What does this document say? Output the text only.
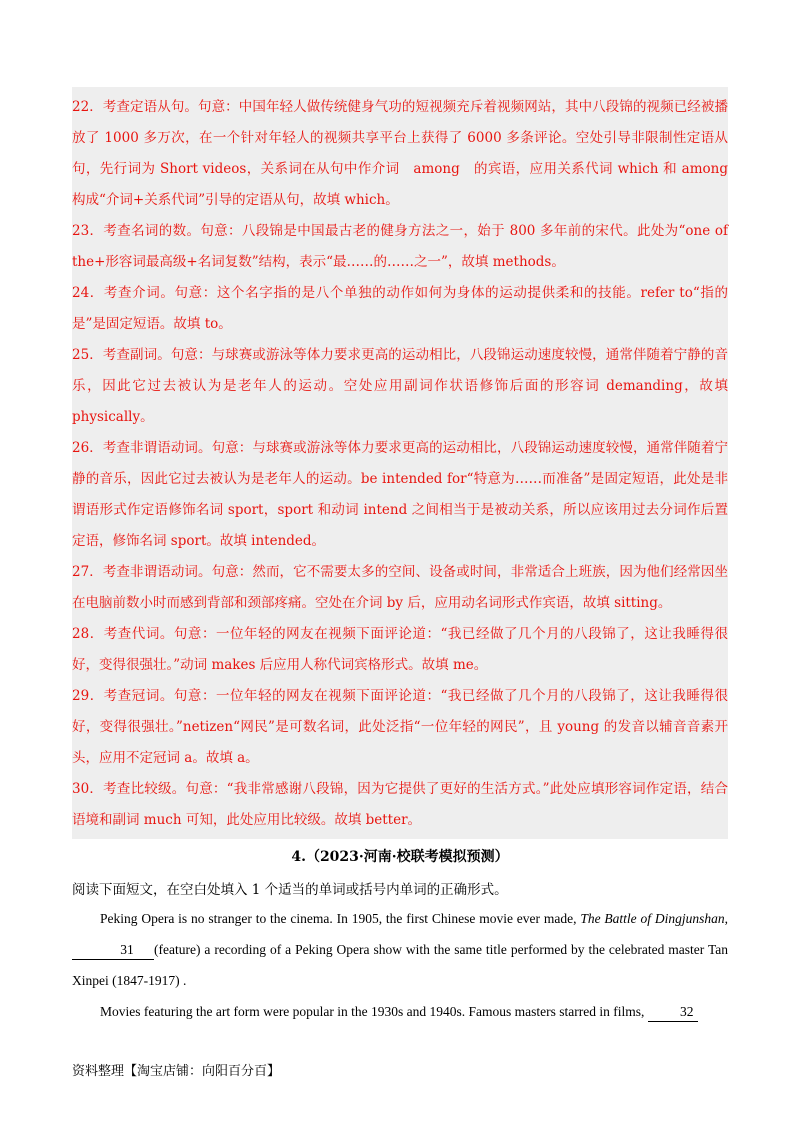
22．考查定语从句。句意：中国年轻人做传统健身气功的短视频充斥着视频网站，其中八段锦的视频已经被播放了 1000 多万次，在一个针对年轻人的视频共享平台上获得了 6000 多条评论。空处引导非限制性定语从句，先行词为 Short videos，关系词在从句中作介词　among　的宾语，应用关系代词 which 和 among 构成“介词+关系代词”引导的定语从句，故填 which。
23．考查名词的数。句意：八段锦是中国最古老的健身方法之一，始于 800 多年前的宋代。此处为“one of the+形容词最高级+名词复数”结构，表示“最……的……之一”，故填 methods。
24．考查介词。句意：这个名字指的是八个单独的动作如何为身体的运动提供柔和的技能。refer to“指的是”是固定短语。故填 to。
25．考查副词。句意：与球赛或游泳等体力要求更高的运动相比，八段锦运动速度较慢，通常伴随着宁静的音乐，因此它过去被认为是老年人的运动。空处应用副词作状语修饰后面的形容词 demanding，故填 physically。
26．考查非谓语动词。句意：与球赛或游泳等体力要求更高的运动相比，八段锦运动速度较慢，通常伴随着宁静的音乐，因此它过去被认为是老年人的运动。be intended for“特意为……而准备”是固定短语，此处是非谓语形式作定语修饰名词 sport，sport 和动词 intend 之间相当于是被动关系，所以应该用过去分词作后置定语，修饰名词 sport。故填 intended。
27．考查非谓语动词。句意：然而，它不需要太多的空间、设备或时间，非常适合上班族，因为他们经常因坐在电脑前数小时而感到背部和颈部疼痛。空处在介词 by 后，应用动名词形式作宾语，故填 sitting。
28．考查代词。句意：一位年轻的网友在视频下面评论道：“我已经做了几个月的八段锦了，这让我睡得很好，变得很强壮。”动词 makes 后应用人称代词宾格形式。故填 me。
29．考查冠词。句意：一位年轻的网友在视频下面评论道：“我已经做了几个月的八段锦了，这让我睡得很好，变得很强壮。”netizen“网民”是可数名词，此处泛指“一位年轻的网民”，且 young 的发音以辅音音素开头，应用不定冠词 a。故填 a。
30．考查比较级。句意：“我非常感谢八段锦，因为它提供了更好的生活方式。”此处应填形容词作定语，结合语境和副词 much 可知，此处应用比较级。故填 better。
4.（2023·河南·校联考模拟预测）
阅读下面短文，在空白处填入 1 个适当的单词或括号内单词的正确形式。
Peking Opera is no stranger to the cinema. In 1905, the first Chinese movie ever made, The Battle of Dingjunshan, 31 (feature) a recording of a Peking Opera show with the same title performed by the celebrated master Tan Xinpei (1847-1917) .
Movies featuring the art form were popular in the 1930s and 1940s. Famous masters starred in films, 32
资料整理【淘宝店铺：向阳百分百】
